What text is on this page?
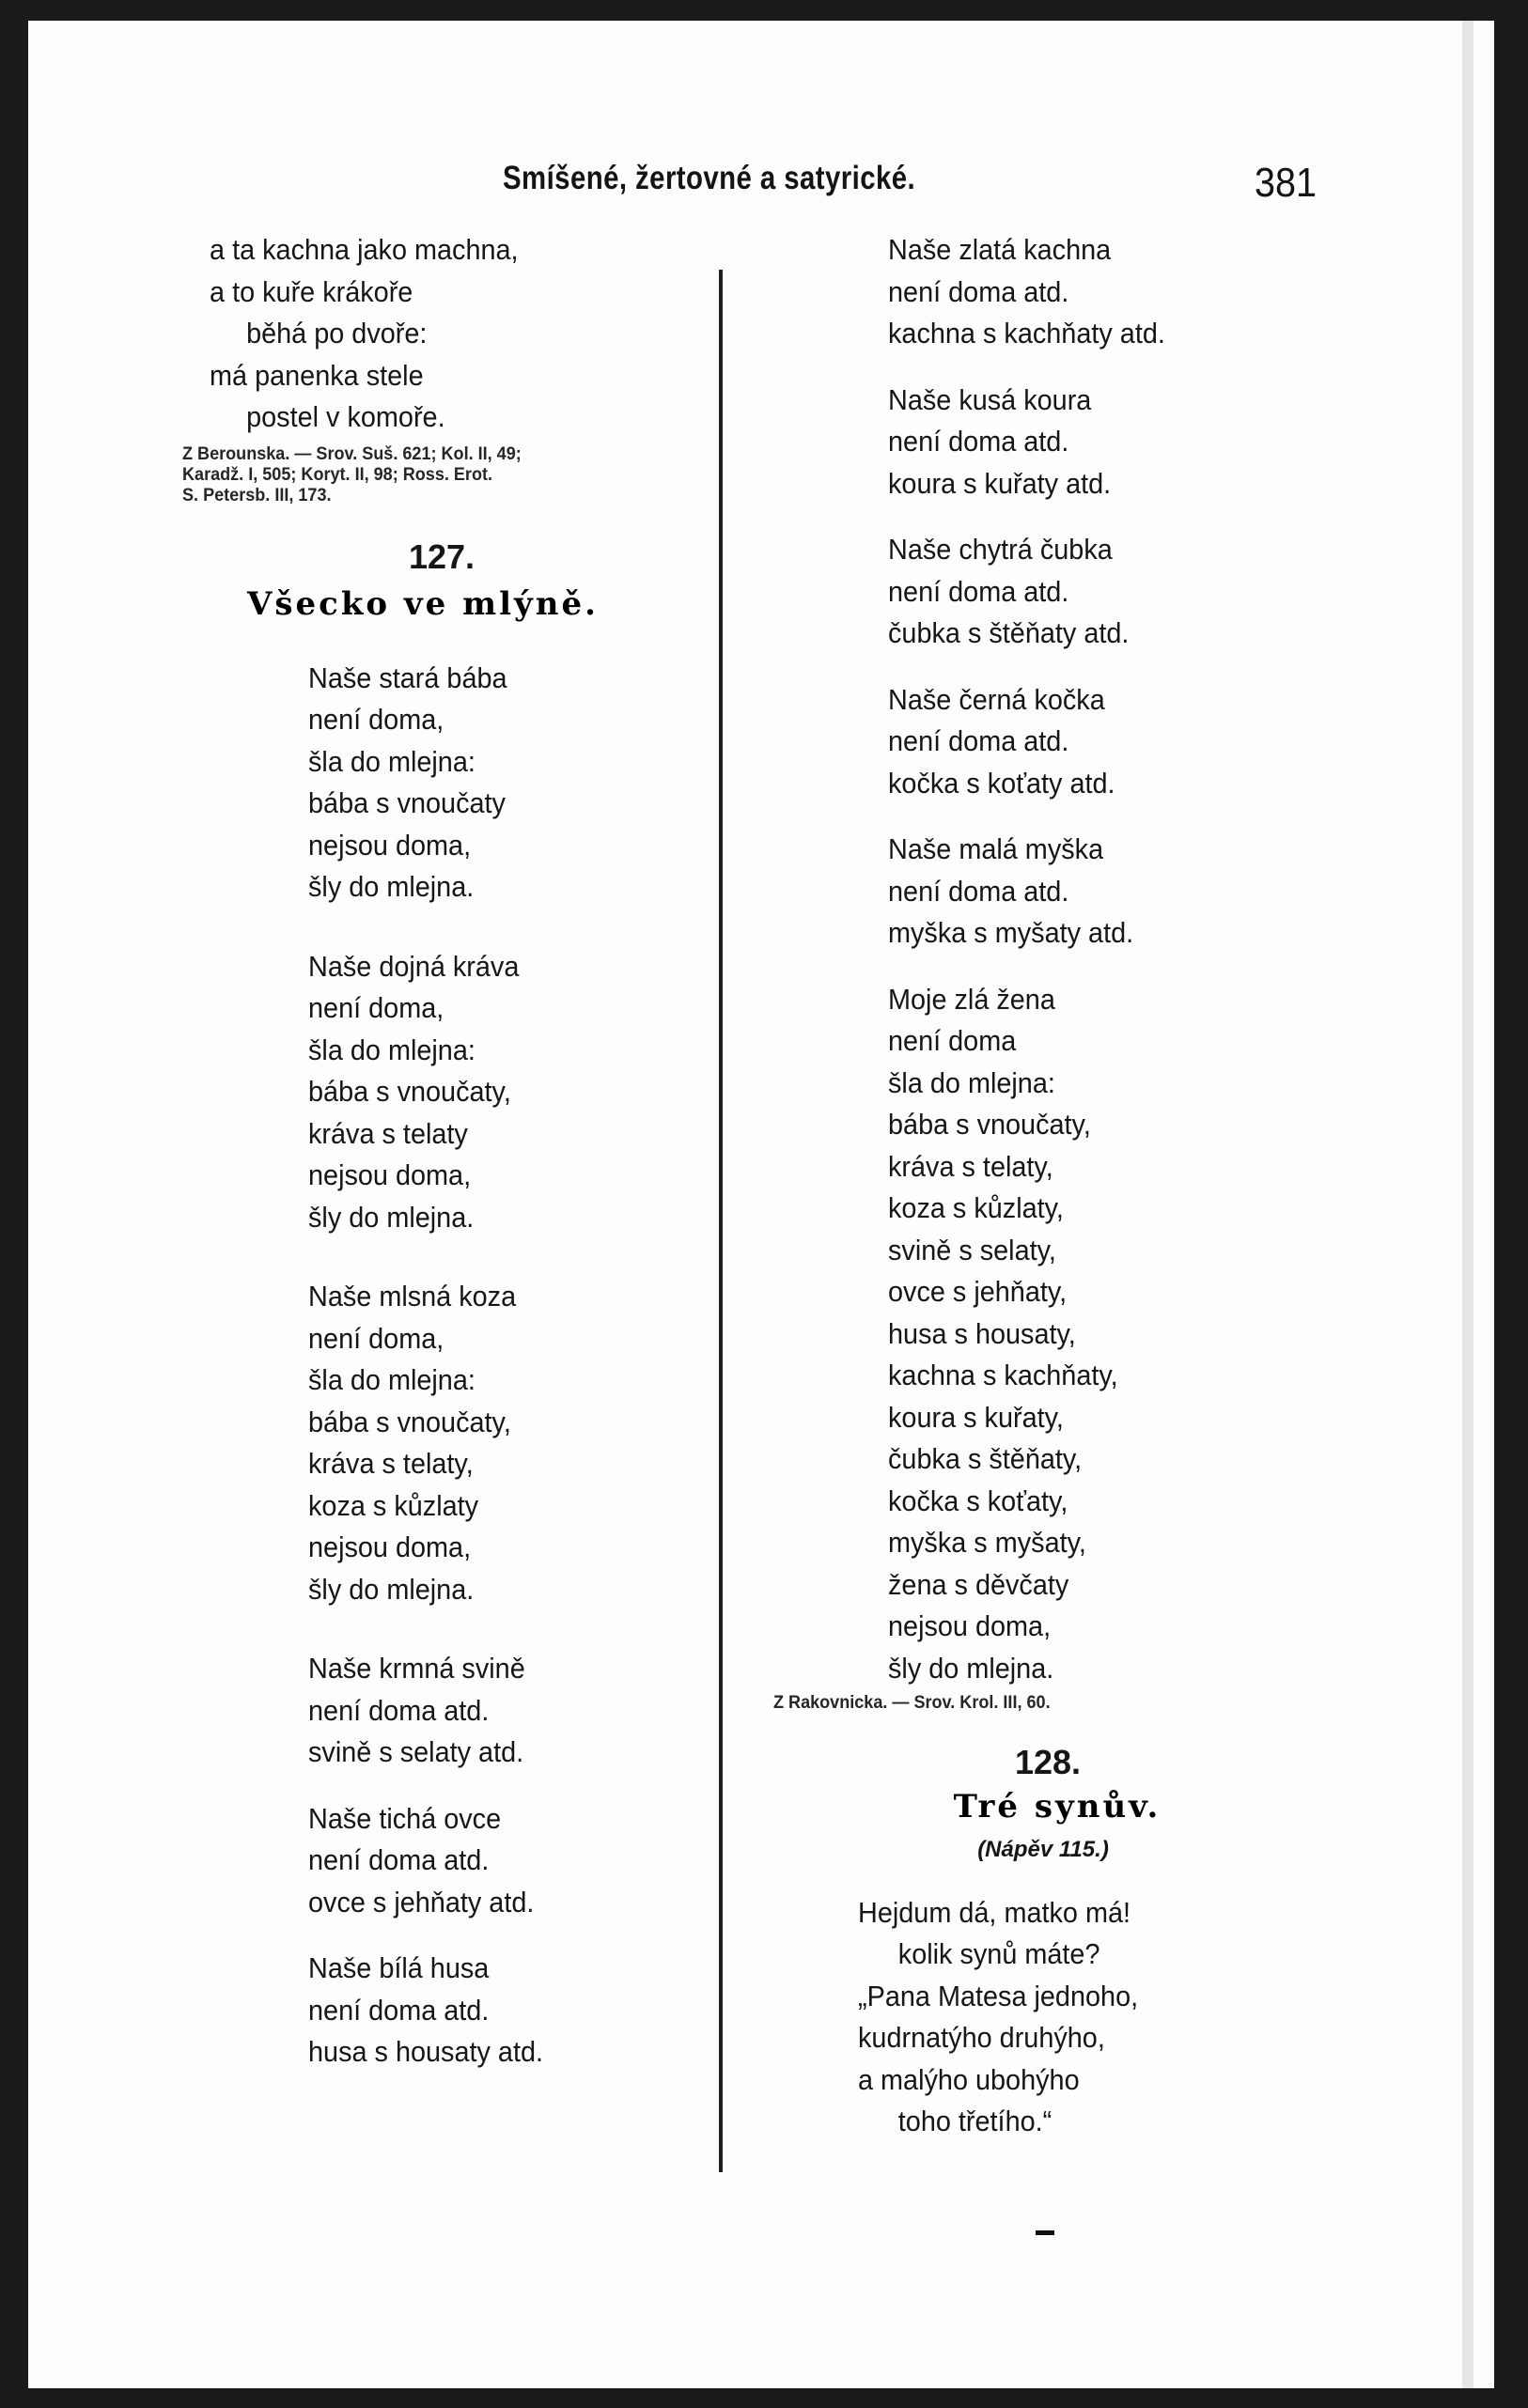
Smíšené, žertovné a satyrické.	381
a ta kachna jako machna,
a to kuře krákoře
běhá po dvoře:
má panenka stele
postel v komoře.
Z Berounska. — Srov. Suš. 621; Kol. II, 49;
Karadž. I, 505; Koryt. II, 98; Ross. Erot.
S. Petersb. III, 173.
127.
Všecko ve mlýně.
Naše stará bába
není doma,
šla do mlejna:
bába s vnoučaty
nejsou doma,
šly do mlejna.
Naše dojná kráva
není doma,
šla do mlejna:
bába s vnoučaty,
kráva s telaty
nejsou doma,
šly do mlejna.
Naše mlsná koza
není doma,
šla do mlejna:
bába s vnoučaty,
kráva s telaty,
koza s kůzlaty
nejsou doma,
šly do mlejna.
Naše krmná svině
není doma atd.
svině s selaty atd.
Naše tichá ovce
není doma atd.
ovce s jehňaty atd.
Naše bílá husa
není doma atd.
husa s housaty atd.
Naše zlatá kachna
není doma atd.
kachna s kachňaty atd.
Naše kusá koura
není doma atd.
koura s kuřaty atd.
Naše chytrá čubka
není doma atd.
čubka s štěňaty atd.
Naše černá kočka
není doma atd.
kočka s koťaty atd.
Naše malá myška
není doma atd.
myška s myšaty atd.
Moje zlá žena
není doma
šla do mlejna:
bába s vnoučaty,
kráva s telaty,
koza s kůzlaty,
svině s selaty,
ovce s jehňaty,
husa s housaty,
kachna s kachňaty,
koura s kuřaty,
čubka s štěňaty,
kočka s koťaty,
myška s myšaty,
žena s děvčaty
nejsou doma,
šly do mlejna.
Z Rakovnicka. — Srov. Krol. III, 60.
128.
Tré synův.
(Nápěv 115.)
Hejdum dá, matko má!
kolik synů máte?
„Pana Matesa jednoho,
kudrnatýho druhýho,
a malýho ubohýho
toho třetího.“
